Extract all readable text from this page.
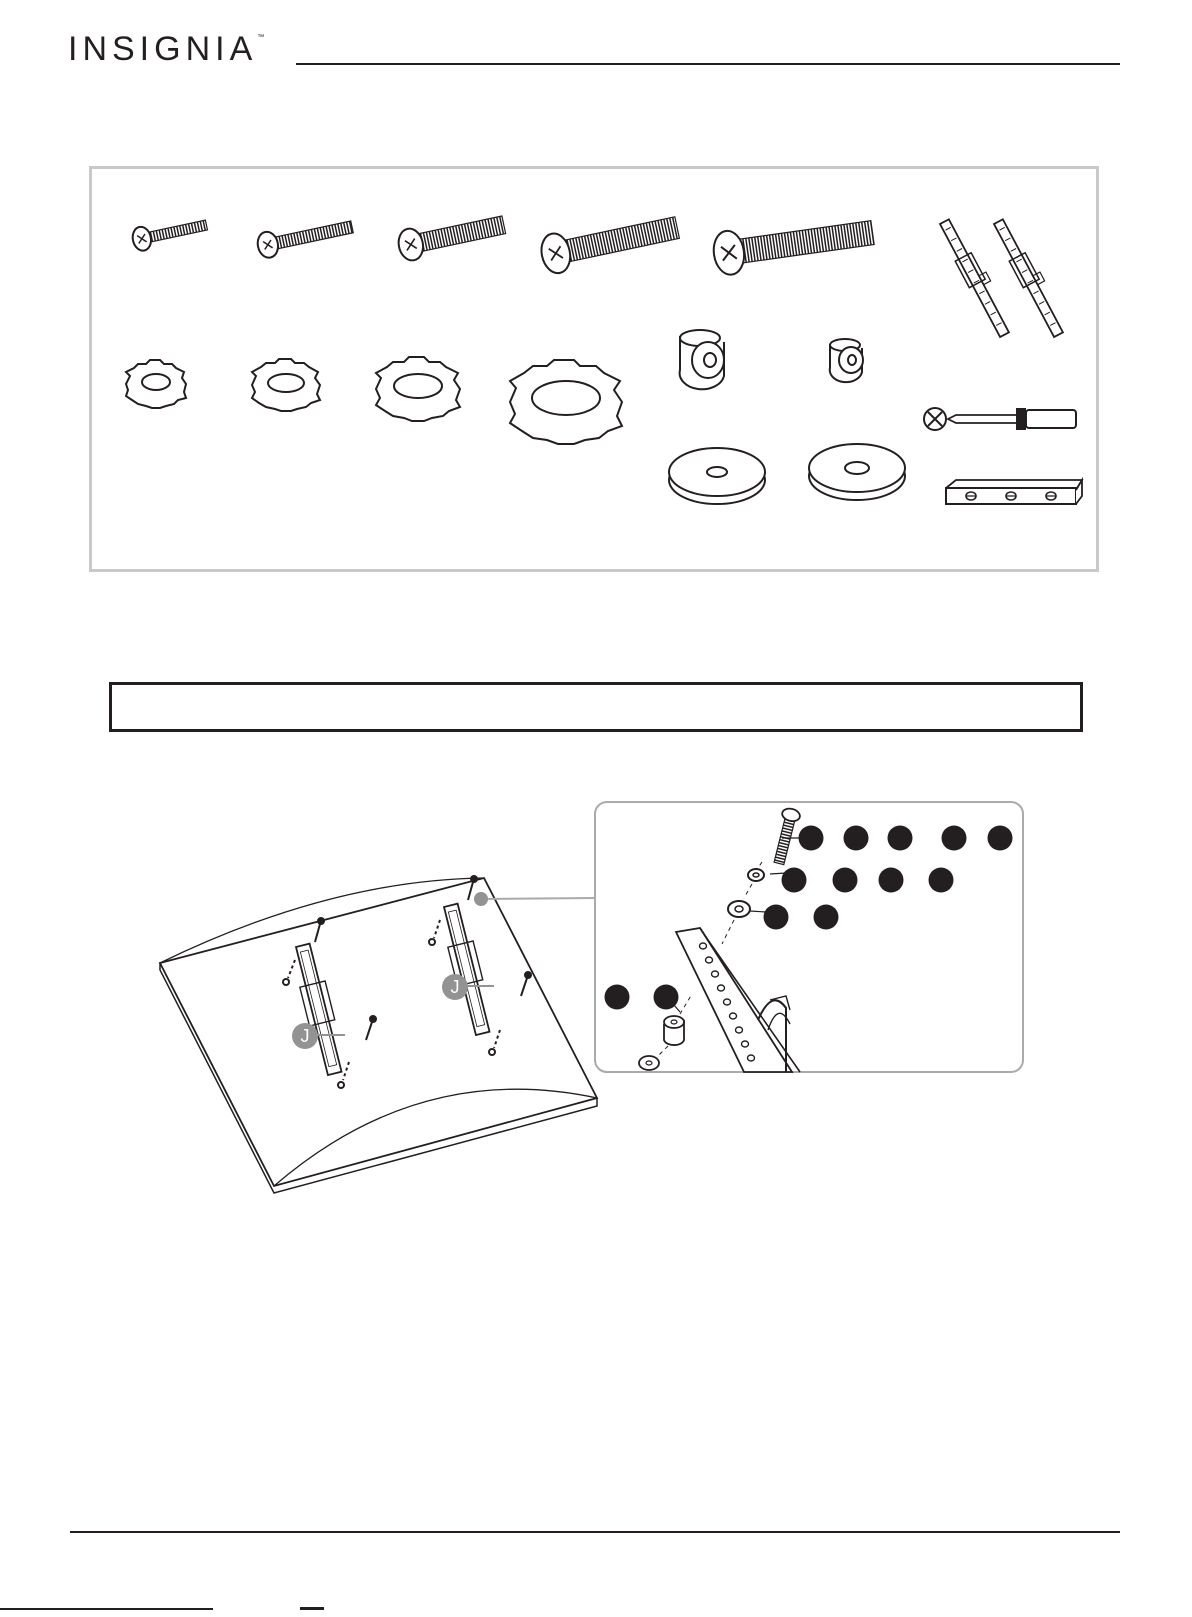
INSIGNIA™
J
J
